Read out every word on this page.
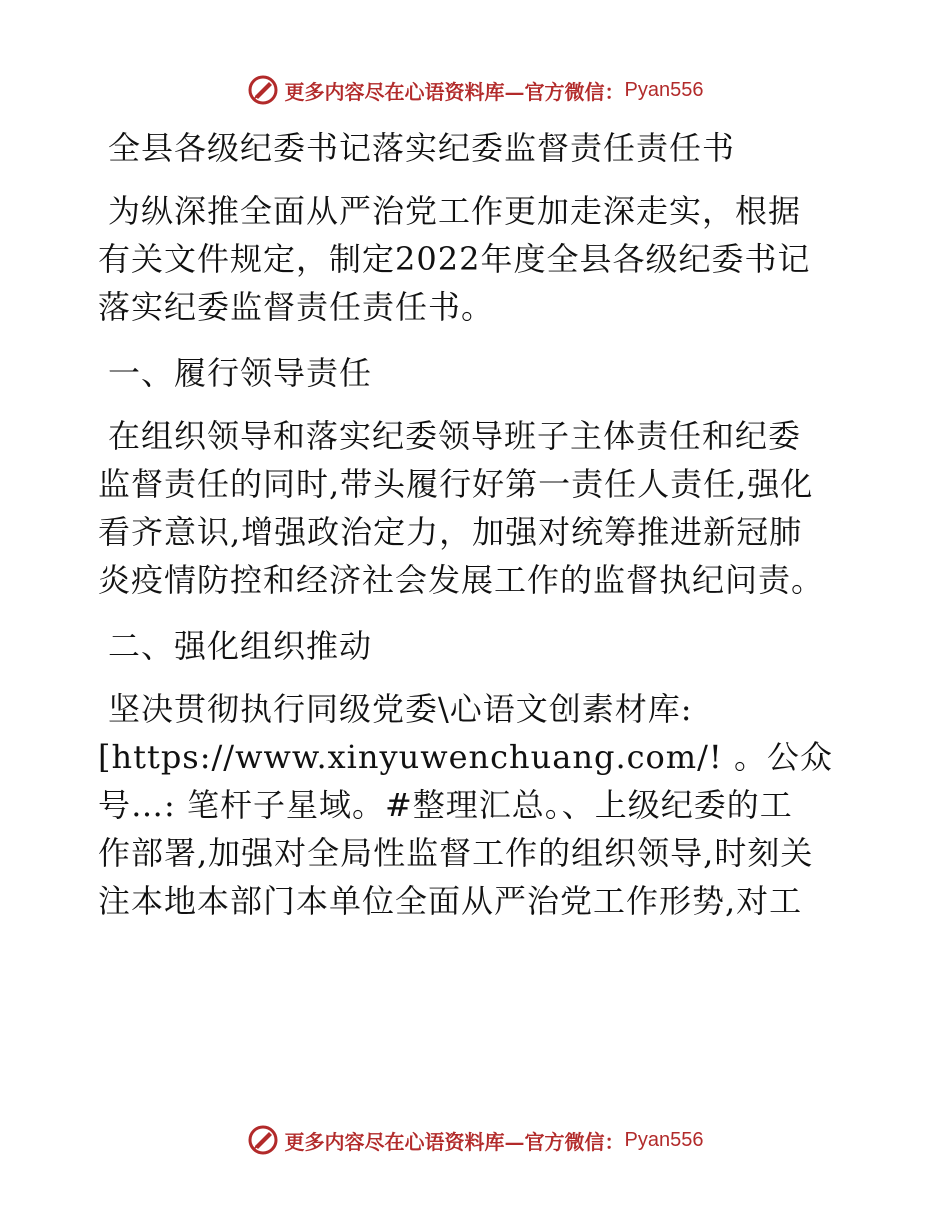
更多内容尽在心语资料库—官方微信： Pyan556
全县各级纪委书记落实纪委监督责任责任书
为纵深推全面从严治党工作更加走深走实，根据
有关文件规定，制定2022年度全县各级纪委书记
落实纪委监督责任责任书。
一、履行领导责任
在组织领导和落实纪委领导班子主体责任和纪委
监督责任的同时,带头履行好第一责任人责任,强化
看齐意识,增强政治定力，加强对统筹推进新冠肺
炎疫情防控和经济社会发展工作的监督执纪问责。
二、强化组织推动
坚决贯彻执行同级党委\心语文创素材库:
[https://www.xinyuwenchuang.com/! 。公众
号…: 笔杆子星域。#整理汇总。、上级纪委的工
作部署,加强对全局性监督工作的组织领导,时刻关
注本地本部门本单位全面从严治党工作形势,对工
更多内容尽在心语资料库—官方微信： Pyan556
